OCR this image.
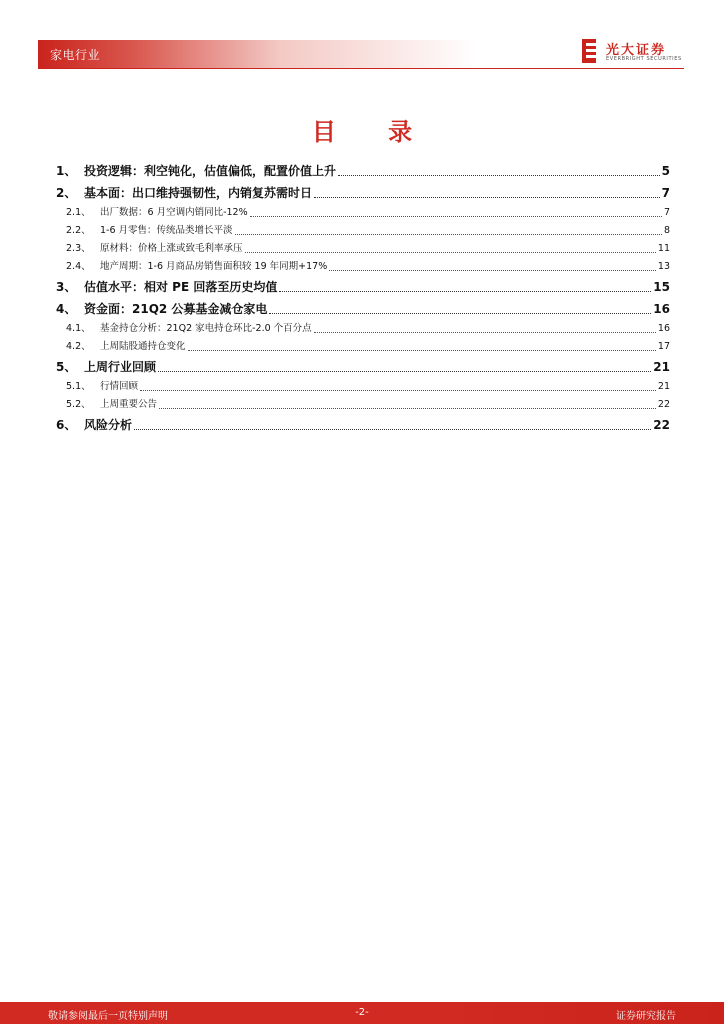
家电行业	光大证券
EVERBRIGHT SECURITIES
目 录
1、 投资逻辑：利空钝化，估值偏低，配置价值上升	5
2、 基本面：出口维持强韧性，内销复苏需时日	7
2.1、 出厂数据：6 月空调内销同比-12%	7
2.2、 1-6 月零售：传统品类增长平淡	8
2.3、 原材料：价格上涨或致毛利率承压	11
2.4、 地产周期：1-6 月商品房销售面积较 19 年同期+17%	13
3、 估值水平：相对 PE 回落至历史均值	15
4、 资金面：21Q2 公募基金减仓家电	16
4.1、 基金持仓分析：21Q2 家电持仓环比-2.0 个百分点	16
4.2、 上周陆股通持仓变化	17
5、 上周行业回顾	21
5.1、 行情回顾	21
5.2、 上周重要公告	22
6、 风险分析	22
敬请参阅最后一页特别声明	-2-	证券研究报告
